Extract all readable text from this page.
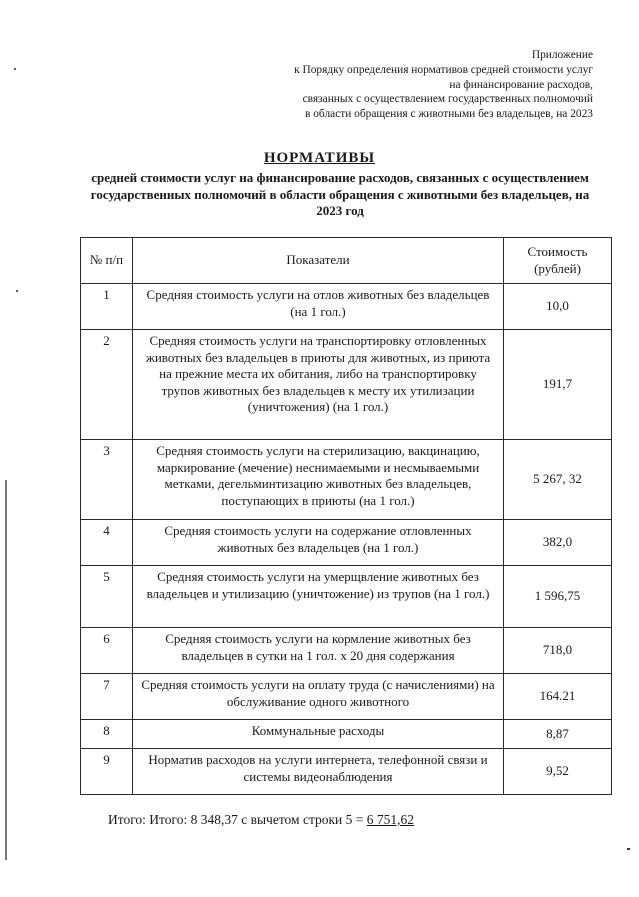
Приложение
к Порядку определения нормативов средней стоимости услуг
на финансирование расходов,
связанных с осуществлением государственных полномочий
в области обращения с животными без владельцев, на 2023
НОРМАТИВЫ
средней стоимости услуг на финансирование расходов, связанных с осуществлением государственных полномочий в области обращения с животными без владельцев, на 2023 год
№ п/п	Показатели	Стоимость (рублей)
1	Средняя стоимость услуги на отлов животных без владельцев (на 1 гол.)	10,0
2	Средняя стоимость услуги на транспортировку отловленных животных без владельцев в приюты для животных, из приюта на прежние места их обитания, либо на транспортировку трупов животных без владельцев к месту их утилизации (уничтожения) (на 1 гол.)	191,7
3	Средняя стоимость услуги на стерилизацию, вакцинацию, маркирование (мечение) неснимаемыми и несмываемыми метками, дегельминтизацию животных без владельцев, поступающих в приюты (на 1 гол.)	5 267, 32
4	Средняя стоимость услуги на содержание отловленных животных без владельцев (на 1 гол.)	382,0
5	Средняя стоимость услуги на умерщвление животных без владельцев и утилизацию (уничтожение) из трупов (на 1 гол.)	1 596,75
6	Средняя стоимость услуги на кормление животных без владельцев в сутки на 1 гол. х 20 дня содержания	718,0
7	Средняя стоимость услуги на оплату труда (с начислениями) на обслуживание одного животного	164.21
8	Коммунальные расходы	8,87
9	Норматив расходов на услуги интернета, телефонной связи и системы видеонаблюдения	9,52
Итого: Итого: 8 348,37 с вычетом строки 5 = 6 751,62
